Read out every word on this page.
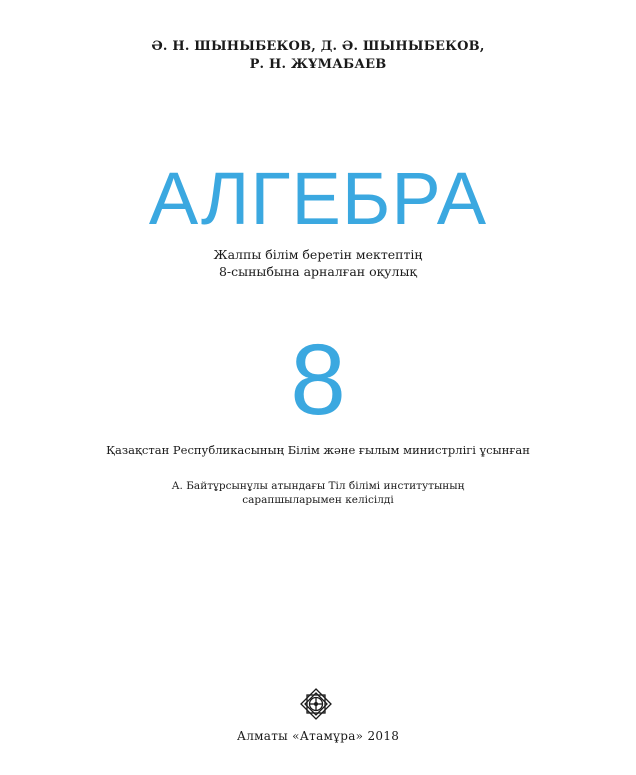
Ә. Н. ШЫНЫБЕКОВ, Д. Ә. ШЫНЫБЕКОВ,
Р. Н. ЖҰМАБАЕВ
АЛГЕБРА
Жалпы білім беретін мектептің
8-сыныбына арналған оқулық
8
Қазақстан Республикасының Білім және ғылым министрлігі ұсынған
А. Байтұрсынұлы атындағы Тіл білімі институтының
сарапшыларымен келісілді
Алматы «Атамұра» 2018
